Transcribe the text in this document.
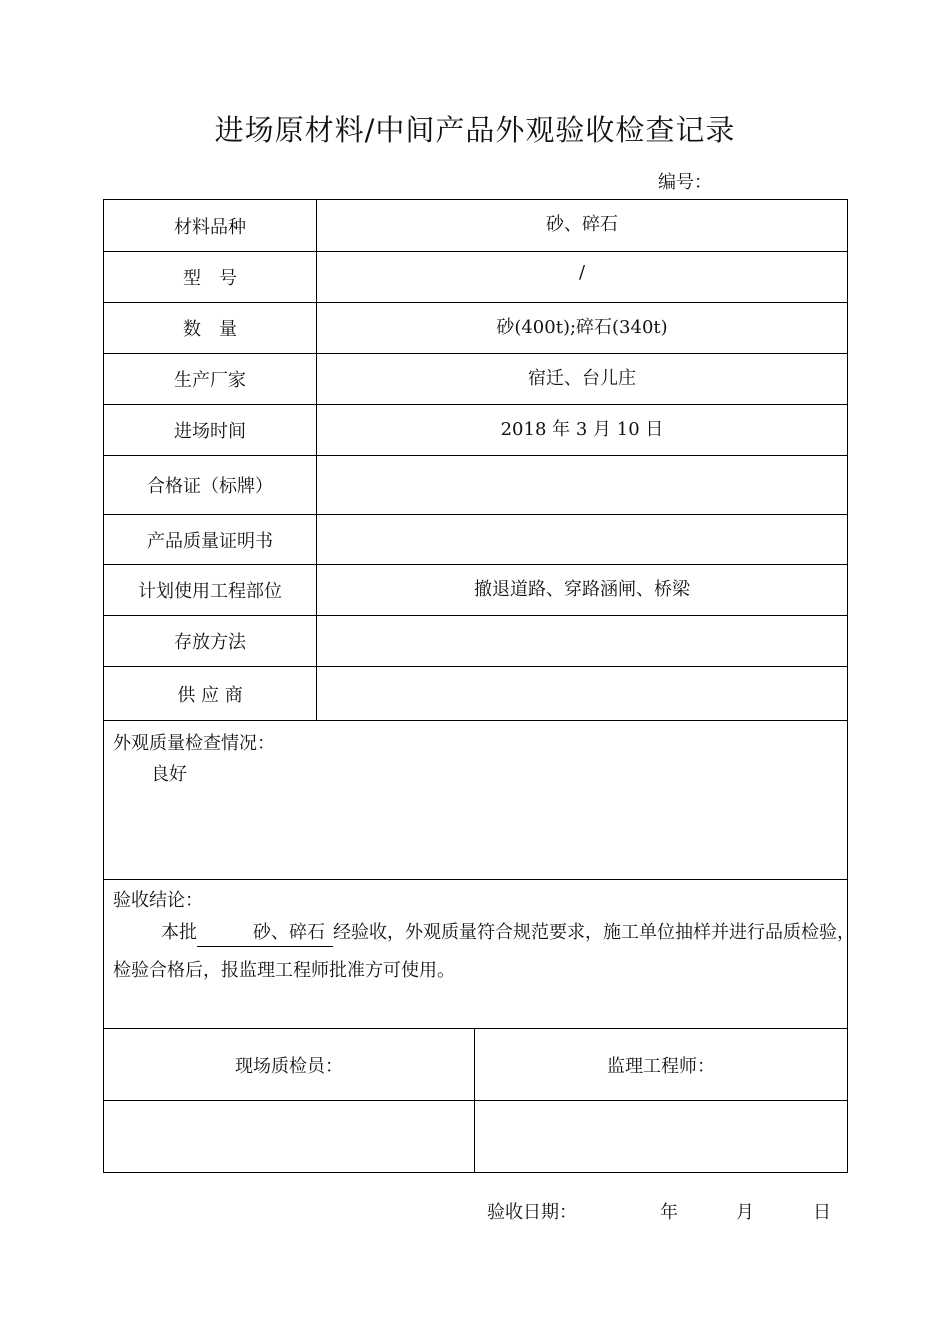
进场原材料/中间产品外观验收检查记录
编号：
材料品种	砂、碎石
型　号	/
数　量	砂(400t);碎石(340t)
生产厂家	宿迁、台儿庄
进场时间	2018 年 3 月 10 日
合格证（标牌）
产品质量证明书
计划使用工程部位	撤退道路、穿路涵闸、桥梁
存放方法
供 应 商
外观质量检查情况：
良好
验收结论：
本批	砂、碎石 经验收，外观质量符合规范要求，施工单位抽样并进行品质检验，
检验合格后，报监理工程师批准方可使用。
现场质检员：	监理工程师：
验收日期：	年	月	日
